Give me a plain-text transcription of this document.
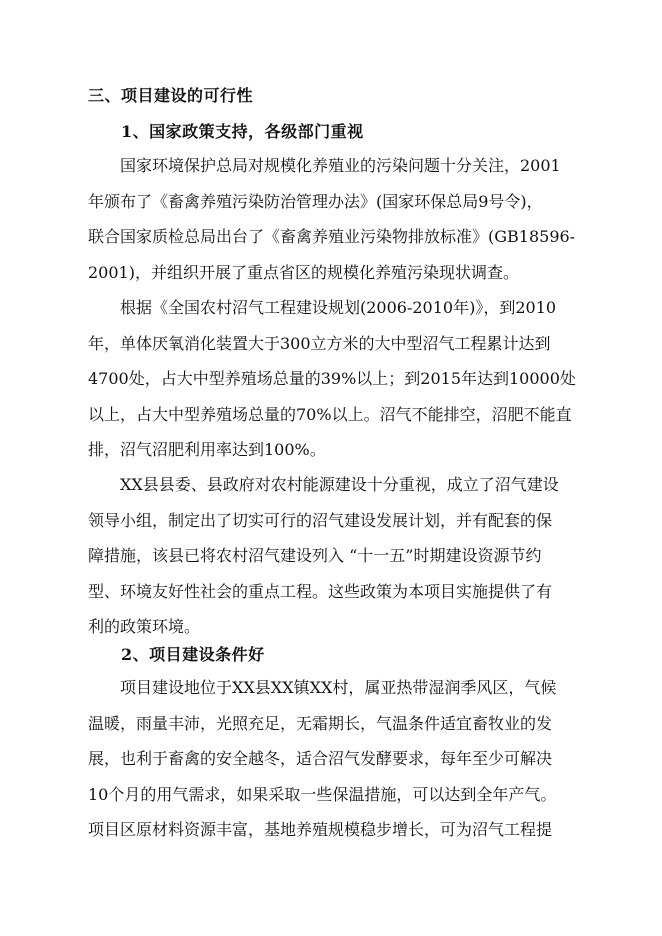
三、项目建设的可行性
1、国家政策支持，各级部门重视

国家环境保护总局对规模化养殖业的污染问题十分关注，2001
年颁布了《畜禽养殖污染防治管理办法》(国家环保总局9号令)，
联合国家质检总局出台了《畜禽养殖业污染物排放标准》(GB18596-
2001)，并组织开展了重点省区的规模化养殖污染现状调查。

根据《全国农村沼气工程建设规划(2006-2010年)》，到2010
年，单体厌氧消化装置大于300立方米的大中型沼气工程累计达到
4700处，占大中型养殖场总量的39%以上；到2015年达到10000处
以上，占大中型养殖场总量的70%以上。沼气不能排空，沼肥不能直
排，沼气沼肥利用率达到100%。

XX县县委、县政府对农村能源建设十分重视，成立了沼气建设
领导小组，制定出了切实可行的沼气建设发展计划，并有配套的保
障措施，该县已将农村沼气建设列入 “十一五”时期建设资源节约
型、环境友好性社会的重点工程。这些政策为本项目实施提供了有
利的政策环境。

2、项目建设条件好

项目建设地位于XX县XX镇XX村，属亚热带湿润季风区，气候
温暖，雨量丰沛，光照充足，无霜期长，气温条件适宜畜牧业的发
展，也利于畜禽的安全越冬，适合沼气发酵要求，每年至少可解决
10个月的用气需求，如果采取一些保温措施，可以达到全年产气。
项目区原材料资源丰富，基地养殖规模稳步增长，可为沼气工程提
